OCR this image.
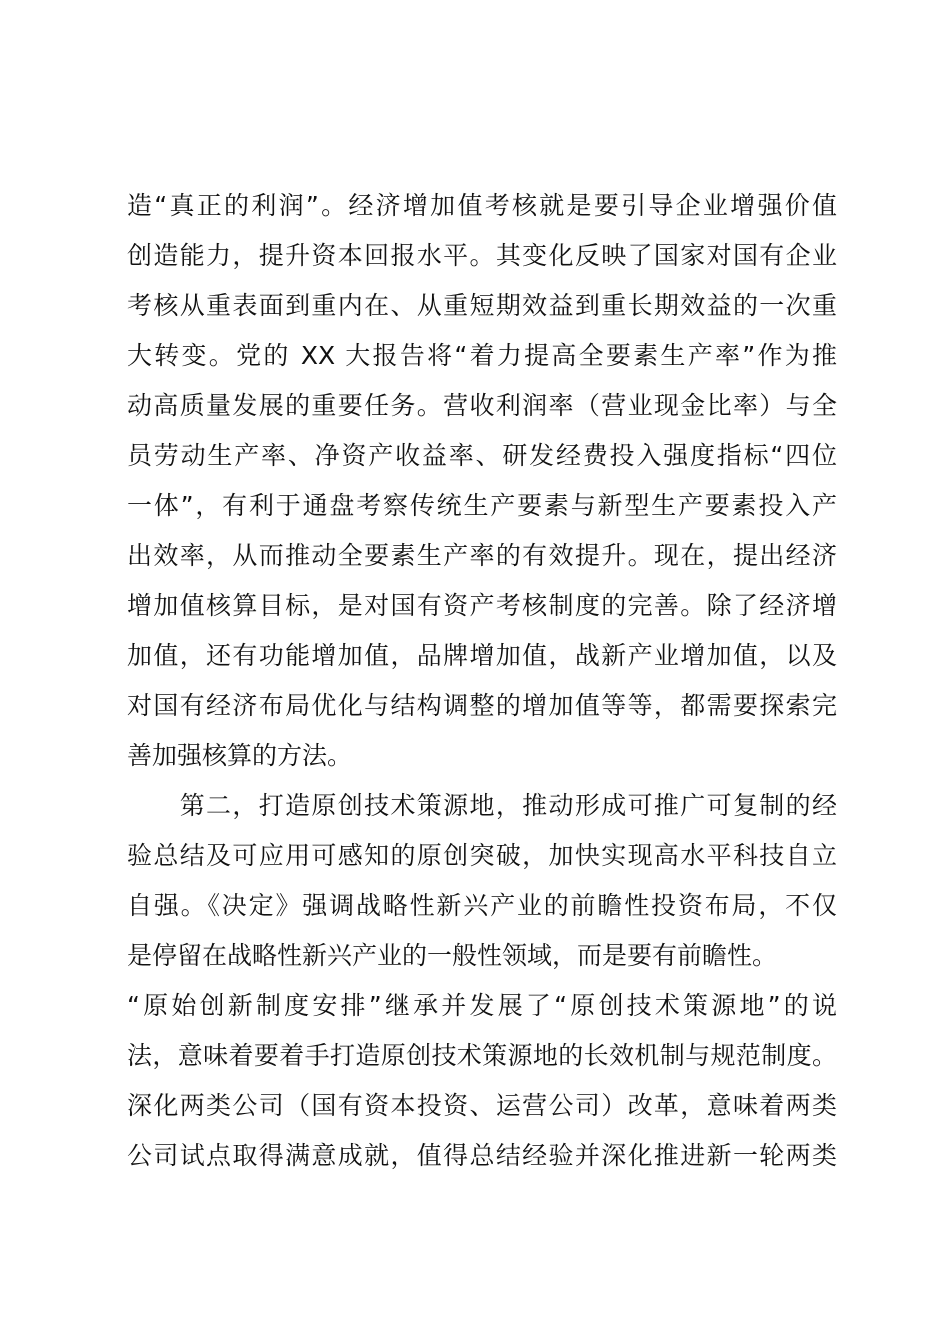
造“真正的利润”。经济增加值考核就是要引导企业增强价值
创造能力，提升资本回报水平。其变化反映了国家对国有企业
考核从重表面到重内在、从重短期效益到重长期效益的一次重
大转变。党的 XX 大报告将“着力提高全要素生产率”作为推
动高质量发展的重要任务。营收利润率（营业现金比率）与全
员劳动生产率、净资产收益率、研发经费投入强度指标“四位
一体”，有利于通盘考察传统生产要素与新型生产要素投入产
出效率，从而推动全要素生产率的有效提升。现在，提出经济
增加值核算目标，是对国有资产考核制度的完善。除了经济增
加值，还有功能增加值，品牌增加值，战新产业增加值，以及
对国有经济布局优化与结构调整的增加值等等，都需要探索完
善加强核算的方法。
　　第二，打造原创技术策源地，推动形成可推广可复制的经
验总结及可应用可感知的原创突破，加快实现高水平科技自立
自强。《决定》强调战略性新兴产业的前瞻性投资布局，不仅
是停留在战略性新兴产业的一般性领域，而是要有前瞻性。
“原始创新制度安排”继承并发展了“原创技术策源地”的说
法，意味着要着手打造原创技术策源地的长效机制与规范制度。
深化两类公司（国有资本投资、运营公司）改革，意味着两类
公司试点取得满意成就，值得总结经验并深化推进新一轮两类
